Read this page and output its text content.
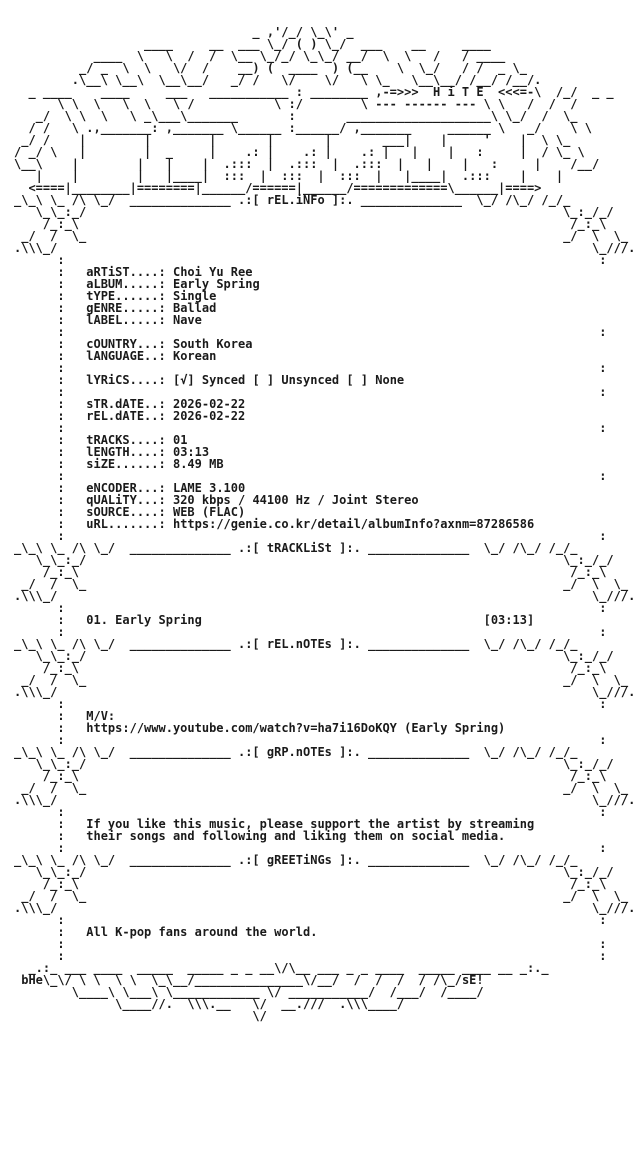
_ ,'/_/ \_\' _
____     __  ___ \_/ ( ) \_/  ___    __     ____
____  \   \  /  /  \__ \_/_/ \_\_/ __/  \  \   /   / ____
_/ _  \  \   \/  /    __) (  ____  ) (__    \  \_/   / /  _ \_
.\__\ \__\  \__\__/   _/ /   \/    \/   \ \_   \__\__/ /__/ /__/.
_ ____    ____     ___   ___________ : ________ ,-=>>>  H i T E  <<<=-\  /_/  _ _
\ \  \   \  \   \ /           \ :/        \ --- ------ --- \ \   /  /  /
_/  \ \  \   \ _\___\_______       :       ____________________\ \_/  /  \_
/ /   \ .,_______: ,_______ \______ :______/ ,_______     ______ \   _/    \ \
_/ /    |        |        |       |       |       ___|    |     '    |  \ \_
/ _/ \   |        |  _     |    .: |    .: |    .: |   |    |   :     |  / \_ \
\__\    |        |   |    |  .:::  |  .:::  |  .:::  |   |    |   :     |    /__/
|    |        |   |____|  :::  |  :::  |  :::  |   |____|  .:::    |    |
<====|________|========|______/======|______/=============\______|====>
_\_\ \_ /\ \_/  ______________ .:[ rEL.iNFo ]:. ______________  \_/ /\_/ /_/_
\_\_:_/                                                                  \_:_/_/
/_:_\                                                                    /_:_\
_/  /  \_                                                                  _/  \  \_
.\\\_/                                                                          \_///.
:                                                                          :
:   aRTiST....: Choi Yu Ree
:   aLBUM.....: Early Spring
:   tYPE......: Single
:   gENRE.....: Ballad
:   lABEL.....: Nave
:                                                                          :
:   cOUNTRY...: South Korea
:   lANGUAGE..: Korean
:                                                                          :
:   lYRiCS....: [√] Synced [ ] Unsynced [ ] None
:                                                                          :
:   sTR.dATE..: 2026-02-22
:   rEL.dATE..: 2026-02-22
:                                                                          :
:   tRACKS....: 01
:   lENGTH....: 03:13
:   siZE......: 8.49 MB
:                                                                          :
:   eNCODER...: LAME 3.100
:   qUALiTY...: 320 kbps / 44100 Hz / Joint Stereo
:   sOURCE....: WEB (FLAC)
:   uRL.......: https://genie.co.kr/detail/albumInfo?axnm=87286586
:                                                                          :
_\_\ \_ /\ \_/  ______________ .:[ tRACKLiSt ]:. ______________  \_/ /\_/ /_/_
\_\_:_/                                                                  \_:_/_/
/_:_\                                                                    /_:_\
_/  /  \_                                                                  _/  \  \_
.\\\_/                                                                          \_///.
:                                                                          :
:   01. Early Spring                                       [03:13]
:                                                                          :
_\_\ \_ /\ \_/  ______________ .:[ rEL.nOTEs ]:. ______________  \_/ /\_/ /_/_
\_\_:_/                                                                  \_:_/_/
/_:_\                                                                    /_:_\
_/  /  \_                                                                  _/  \  \_
.\\\_/                                                                          \_///.
:                                                                          :
:   M/V:
:   https://www.youtube.com/watch?v=ha7i16DoKQY (Early Spring)
:                                                                          :
_\_\ \_ /\ \_/  ______________ .:[ gRP.nOTEs ]:. ______________  \_/ /\_/ /_/_
\_\_:_/                                                                  \_:_/_/
/_:_\                                                                    /_:_\
_/  /  \_                                                                  _/  \  \_
.\\\_/                                                                          \_///.
:                                                                          :
:   If you like this music, please support the artist by streaming
:   their songs and following and liking them on social media.
:                                                                          :
_\_\ \_ /\ \_/  ______________ .:[ gREETiNGs ]:. ______________  \_/ /\_/ /_/_
\_\_:_/                                                                  \_:_/_/
/_:_\                                                                    /_:_\
_/  /  \_                                                                  _/  \  \_
.\\\_/                                                                          \_///.
:                                                                          :
:   All K-pop fans around the world.
:                                                                          :
:                                                                          :
_.:_ ___ ____  _____  _____ _ _ __\/\__ ___ _ _ ____  _____ ____ __ _:._
bHe\_\/ \ \  \ \  \_\__/_______________\/__/  /  /  /  / /\_/sE!
\____\ \___\ \____________ \/ ___________/  /___/  /____/
\____//.  \\\.__   \/  __.///  .\\\____/
\/
